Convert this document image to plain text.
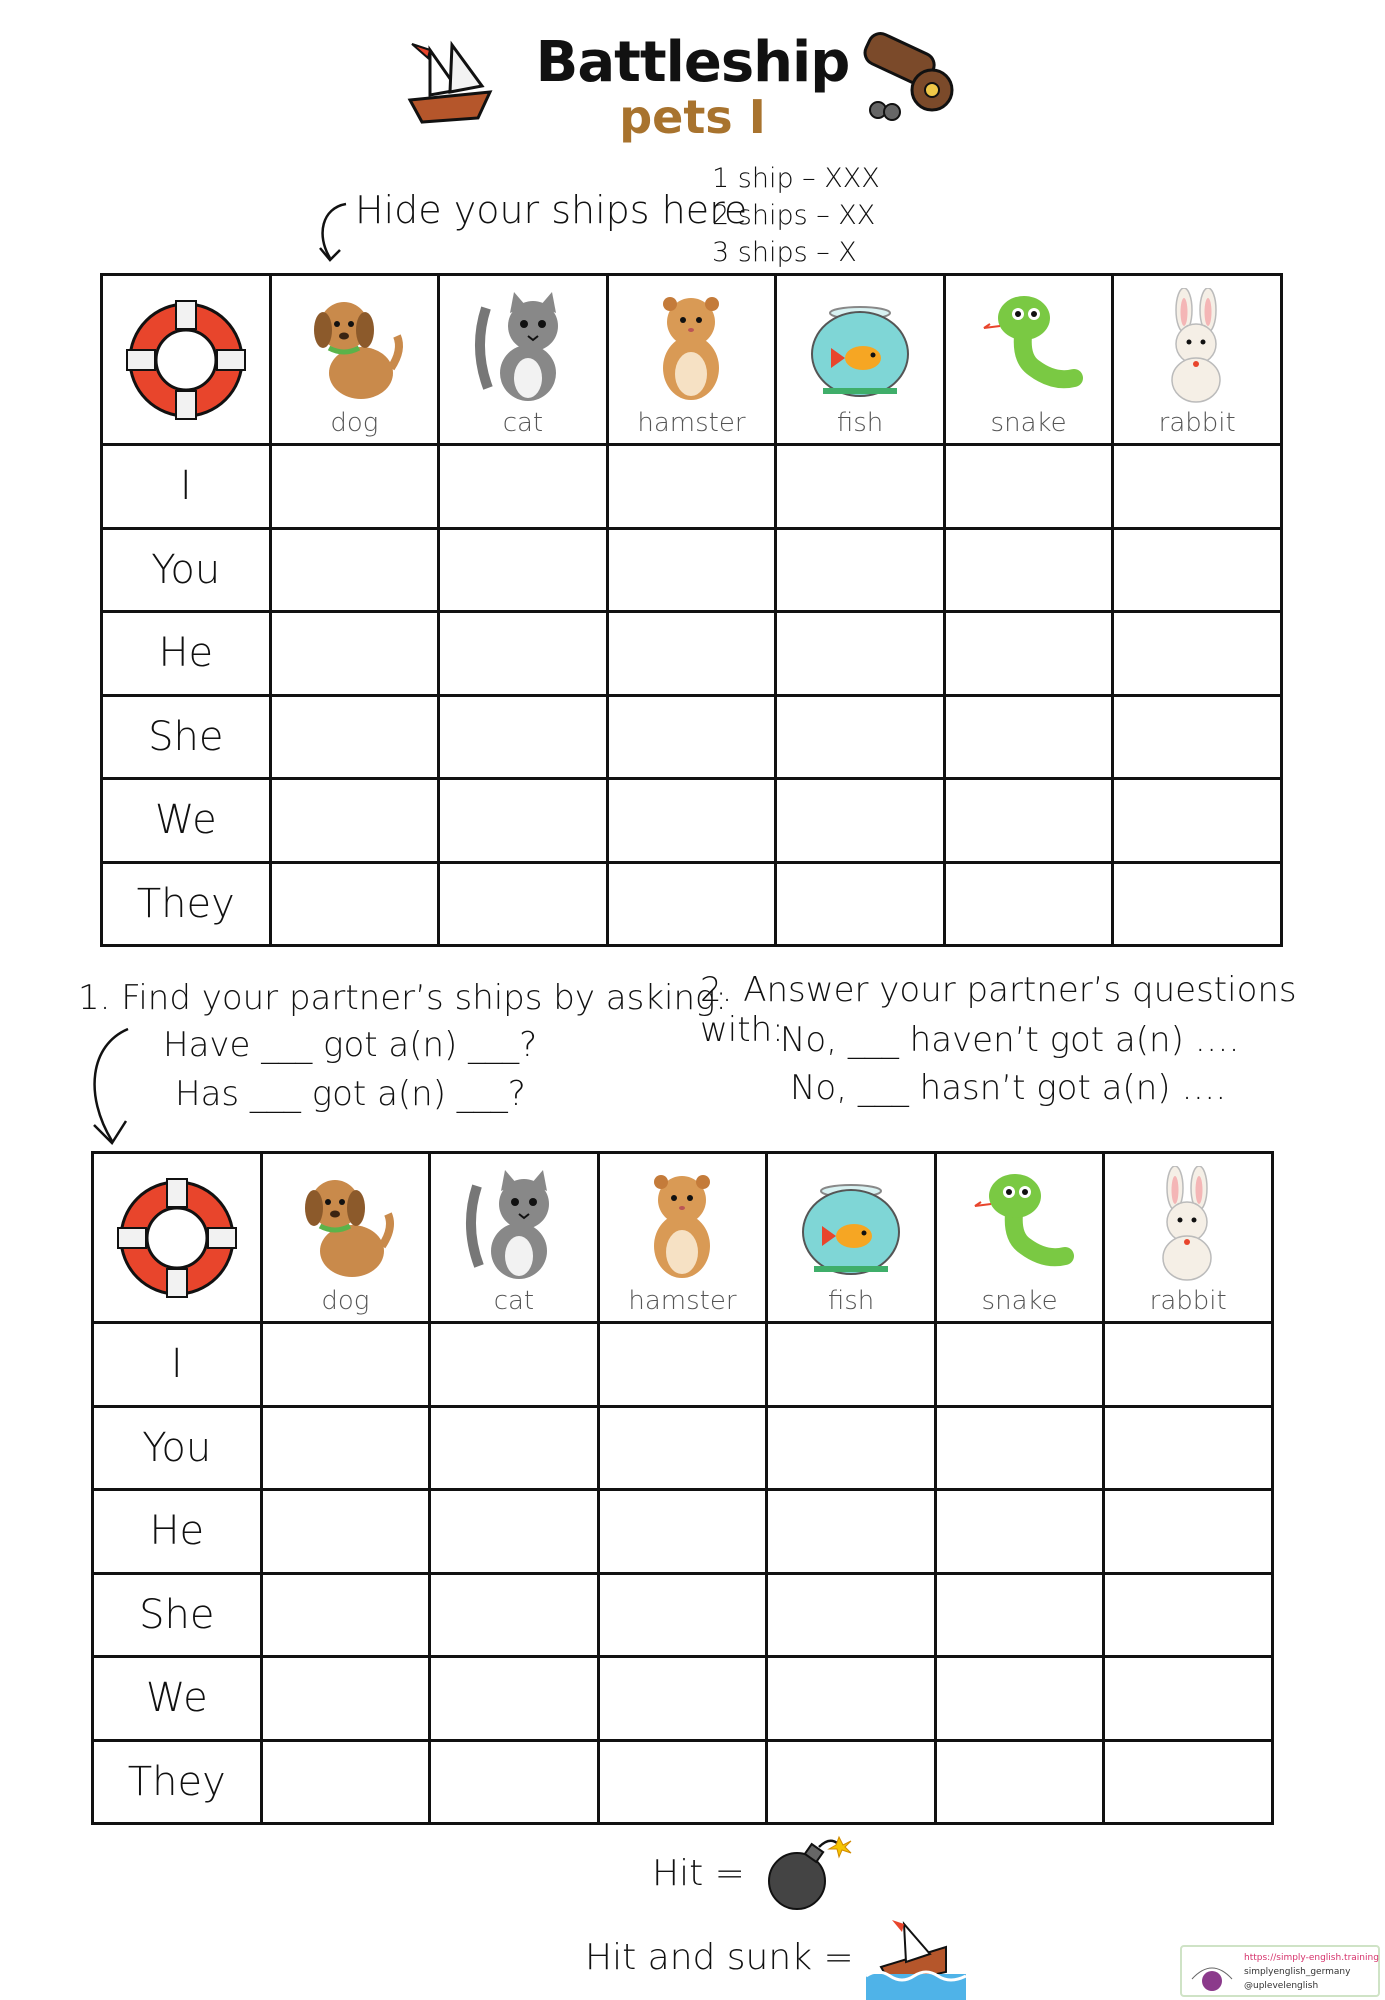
Battleship
pets I
Hide your ships here
1 ship – XXX
2 ships – XX
3 ships – X

dog	cat	hamster	fish	snake	rabbit

I						
You						
He						
She						
We						
They						
1. Find your partner’s ships by asking:
Have ___ got a(n) ___?
Has ___ got a(n) ___?
2. Answer your partner’s questions with:
No, ___ haven’t got a(n) ….
No, ___ hasn’t got a(n) ….

dog	cat	hamster	fish	snake	rabbit

I						
You						
He						
She						
We						
They						
Hit =
Hit and sunk =	https://simply-english.training
simplyenglish_germany
@uplevelenglish
